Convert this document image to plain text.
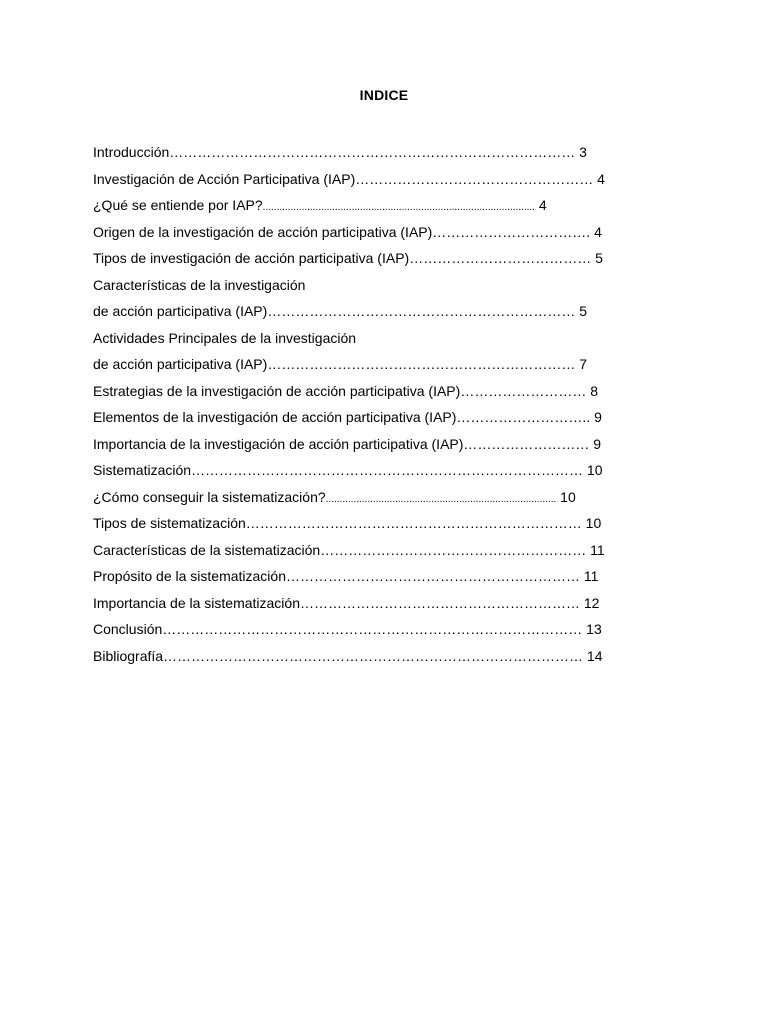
INDICE
Introducción…………………………………………………………………………… 3
Investigación de Acción Participativa (IAP)…………………………………………… 4
¿Qué se entiende por IAP?.................................................................................................. 4
Origen de la investigación de acción participativa (IAP)……………………………. 4
Tipos de investigación de acción participativa (IAP)………………………………… 5
Características de la investigación
de acción participativa (IAP)………………………………………………………… 5
Actividades Principales de la investigación
de acción participativa (IAP)………………………………………………………… 7
Estrategias de la investigación de acción participativa (IAP)……………………… 8
Elementos de la investigación de acción participativa (IAP)……………………….. 9
Importancia de la investigación de acción participativa (IAP)……………………… 9
Sistematización………………………………………………………………………… 10
¿Cómo conseguir la sistematización?................................................................................... 10
Tipos de sistematización……………………………………………………………… 10
Características de la sistematización………………………………………………… 11
Propósito de la sistematización……………………………………………………… 11
Importancia de la sistematización…………………………………………………… 12
Conclusión……………………………………………………………………………… 13
Bibliografía……………………………………………………………………………… 14
